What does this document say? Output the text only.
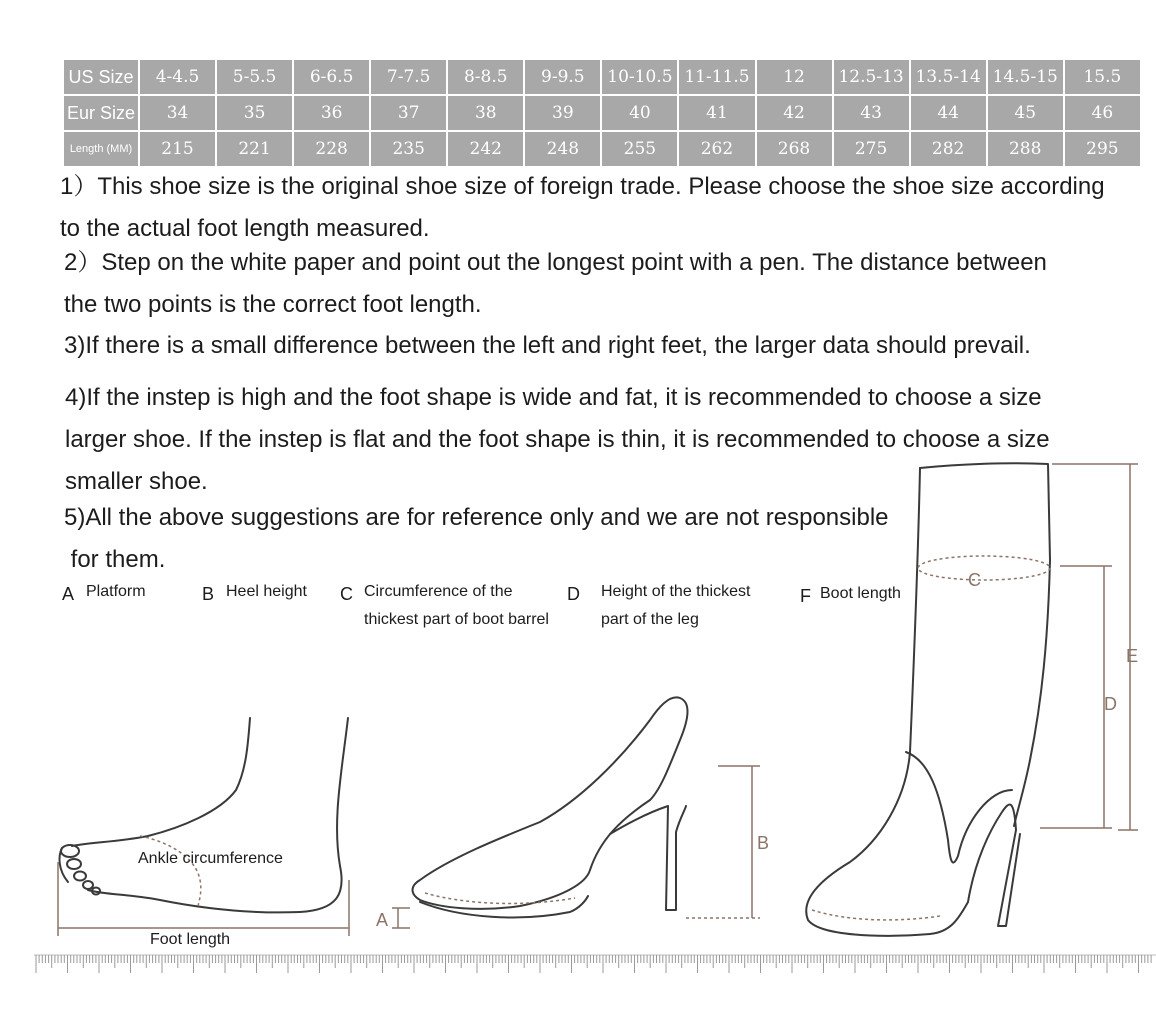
US Size	4-4.5	5-5.5	6-6.5	7-7.5	8-8.5	9-9.5	10-10.5	11-11.5	12	12.5-13	13.5-14	14.5-15	15.5
Eur Size	34	35	36	37	38	39	40	41	42	43	44	45	46
Length (MM)	215	221	228	235	242	248	255	262	268	275	282	288	295
1）This shoe size is the original shoe size of foreign trade. Please choose the shoe size according
to the actual foot length measured.
2）Step on the white paper and point out the longest point with a pen. The distance between
the two points is the correct foot length.
3)If there is a small difference between the left and right feet, the larger data should prevail.
4)If the instep is high and the foot shape is wide and fat, it is recommended to choose a size
larger shoe. If the instep is flat and the foot shape is thin, it is recommended to choose a size
smaller shoe.
5)All the above suggestions are for reference only and we are not responsible
for them.
A Platform	B Heel height C Circumference of the
thickest part of boot barrel
D Height of the thickest
part of the leg
F Boot length
Ankle circumference
Foot length
A
B
C
D
E
